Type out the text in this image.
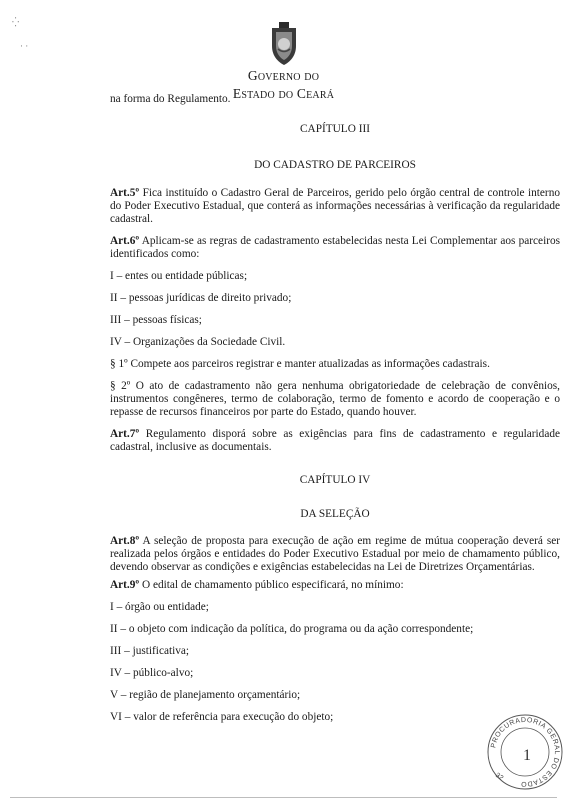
⁛
· ·
GOVERNO DO
ESTADO DO CEARÁ

na forma do Regulamento.

CAPÍTULO III

DO CADASTRO DE PARCEIROS

Art.5º Fica instituído o Cadastro Geral de Parceiros, gerido pelo órgão central de controle interno do Poder Executivo Estadual, que conterá as informações necessárias à verificação da regularidade cadastral.

Art.6º Aplicam-se as regras de cadastramento estabelecidas nesta Lei Complementar aos parceiros identificados como:

I – entes ou entidade públicas;

II – pessoas jurídicas de direito privado;

III – pessoas físicas;

IV – Organizações da Sociedade Civil.

§ 1º Compete aos parceiros registrar e manter atualizadas as informações cadastrais.

§ 2º O ato de cadastramento não gera nenhuma obrigatoriedade de celebração de convênios, instrumentos congêneres, termo de colaboração, termo de fomento e acordo de cooperação e o repasse de recursos financeiros por parte do Estado, quando houver.

Art.7º Regulamento disporá sobre as exigências para fins de cadastramento e regularidade cadastral, inclusive as documentais.

CAPÍTULO IV

DA SELEÇÃO

Art.8º A seleção de proposta para execução de ação em regime de mútua cooperação deverá ser realizada pelos órgãos e entidades do Poder Executivo Estadual por meio de chamamento público, devendo observar as condições e exigências estabelecidas na Lei de Diretrizes Orçamentárias.

Art.9º O edital de chamamento público especificará, no mínimo:

I – órgão ou entidade;

II – o objeto com indicação da política, do programa ou da ação correspondente;

III – justificativa;

IV – público-alvo;

V – região de planejamento orçamentário;

VI – valor de referência para execução do objeto;

PROCURADORIA GERAL DO ESTADO
32
1
